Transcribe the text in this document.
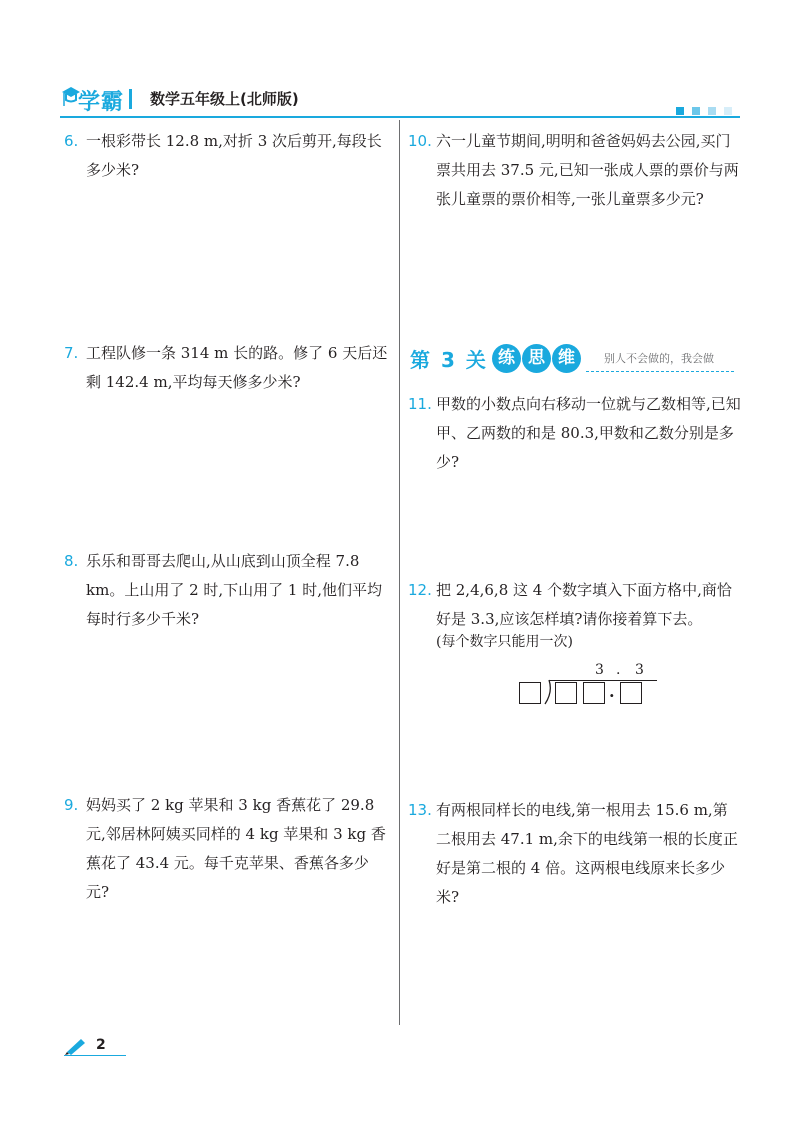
学霸 数学五年级上(北师版)

6. 一根彩带长 12.8 m,对折 3 次后剪开,每段长多少米?
7. 工程队修一条 314 m 长的路。修了 6 天后还剩 142.4 m,平均每天修多少米?
8. 乐乐和哥哥去爬山,从山底到山顶全程 7.8 km。上山用了 2 时,下山用了 1 时,他们平均每时行多少千米?
9. 妈妈买了 2 kg 苹果和 3 kg 香蕉花了 29.8 元,邻居林阿姨买同样的 4 kg 苹果和 3 kg 香蕉花了 43.4 元。每千克苹果、香蕉各多少元?
10. 六一儿童节期间,明明和爸爸妈妈去公园,买门票共用去 37.5 元,已知一张成人票的票价与两张儿童票的票价相等,一张儿童票多少元?
第 3 关 练 思 维	别人不会做的，我会做
11. 甲数的小数点向右移动一位就与乙数相等,已知甲、乙两数的和是 80.3,甲数和乙数分别是多少?
12. 把 2,4,6,8 这 4 个数字填入下面方格中,商恰好是 3.3,应该怎样填?请你接着算下去。
(每个数字只能用一次)
3 . 3
.
13. 有两根同样长的电线,第一根用去 15.6 m,第二根用去 47.1 m,余下的电线第一根的长度正好是第二根的 4 倍。这两根电线原来长多少米?
2
